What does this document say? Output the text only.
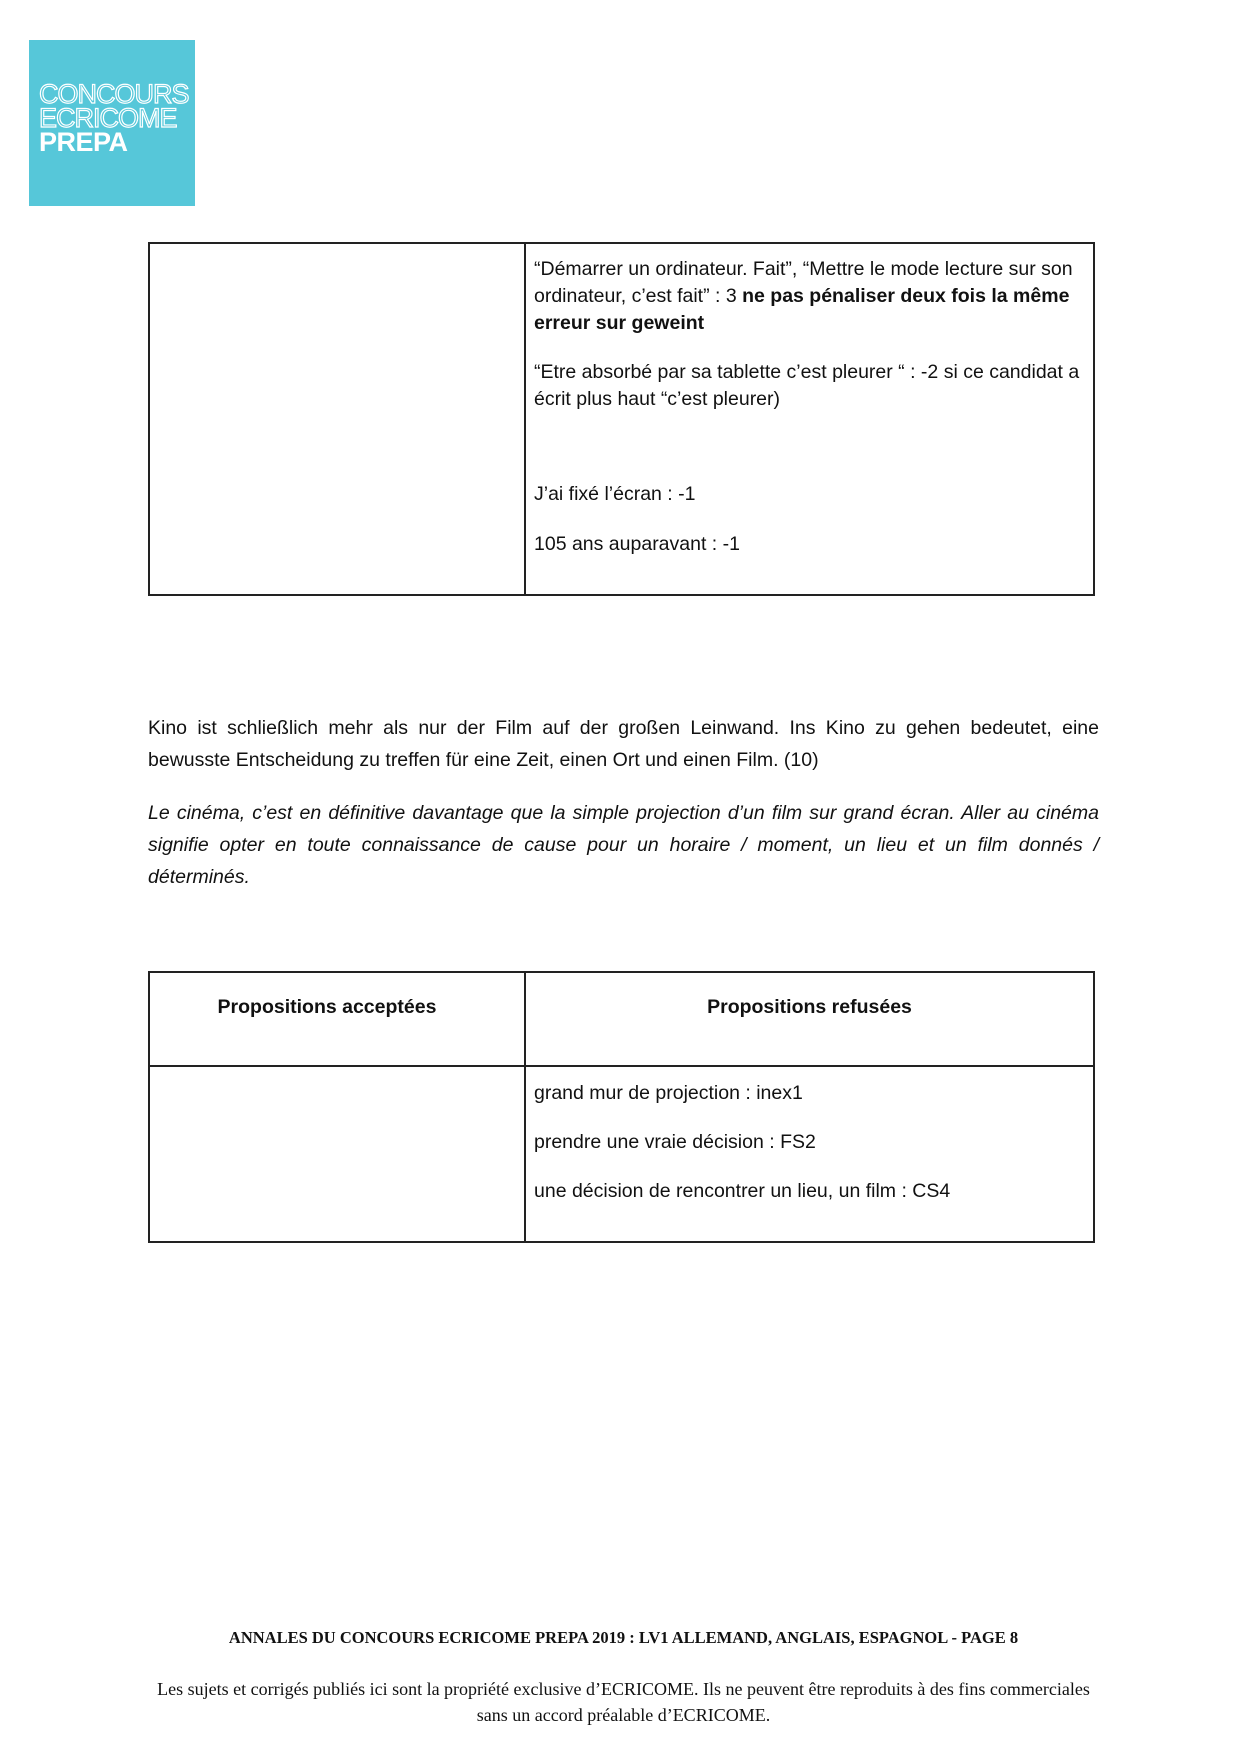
CONCOURS
ECRICOME
PREPA

“Démarrer un ordinateur. Fait”, “Mettre le mode lecture sur son ordinateur, c’est fait” : 3 ne pas pénaliser deux fois la même erreur sur geweint

“Etre absorbé par sa tablette c’est pleurer “ : -2 si ce candidat a écrit plus haut “c’est pleurer)

J’ai fixé l’écran : -1

105 ans auparavant : -1

Kino ist schließlich mehr als nur der Film auf der großen Leinwand. Ins Kino zu gehen bedeutet, eine bewusste Entscheidung zu treffen für eine Zeit, einen Ort und einen Film. (10)

Le cinéma, c’est en définitive davantage que la simple projection d’un film sur grand écran. Aller au cinéma signifie opter en toute connaissance de cause pour un horaire / moment, un lieu et un film donnés / déterminés.

Propositions acceptées	Propositions refusées

grand mur de projection : inex1

prendre une vraie décision : FS2

une décision de rencontrer un lieu, un film : CS4

ANNALES DU CONCOURS ECRICOME PREPA 2019 : LV1 ALLEMAND, ANGLAIS, ESPAGNOL - PAGE 8

Les sujets et corrigés publiés ici sont la propriété exclusive d’ECRICOME. Ils ne peuvent être reproduits à des fins commerciales sans un accord préalable d’ECRICOME.
